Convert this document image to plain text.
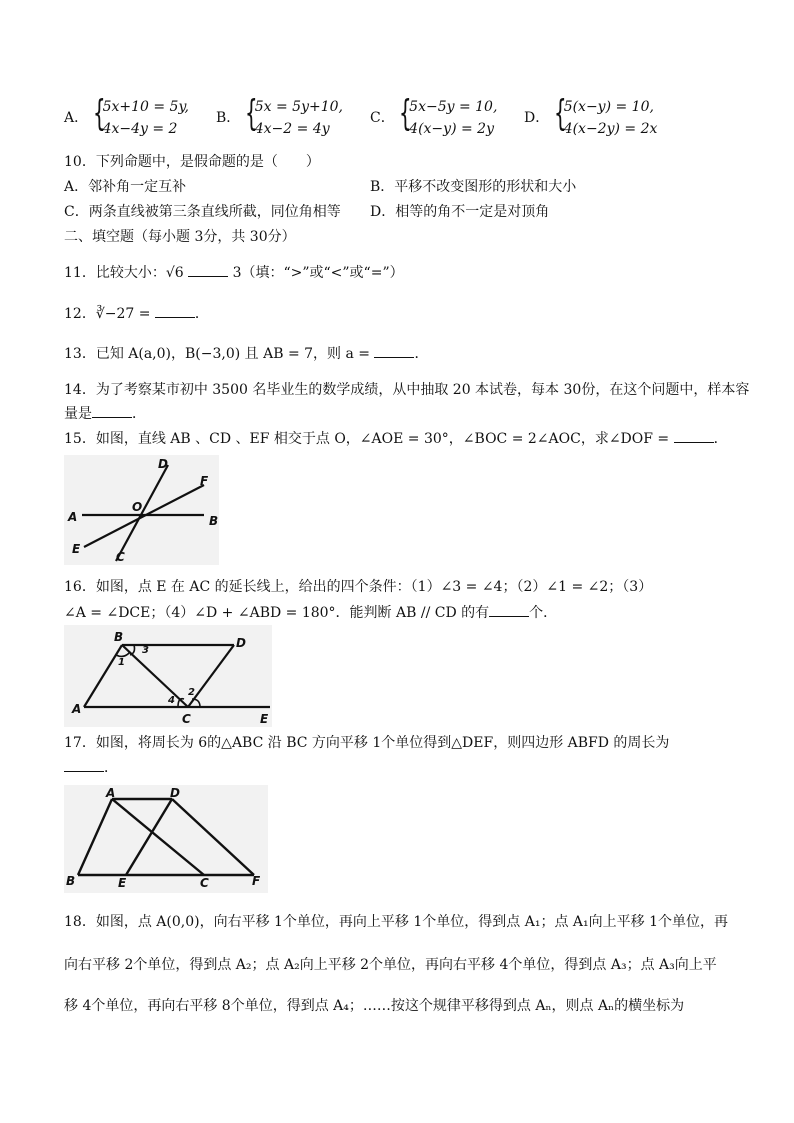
A． {
5x+10 = 5y,
4x−4y = 2
B． {
5x = 5y+10,
4x−2 = 4y
C． {
5x−5y = 10,
4(x−y) = 2y
D． {
5(x−y) = 10,
4(x−2y) = 2x
10．下列命题中，是假命题的是（　　）
A．邻补角一定互补	B．平移不改变图形的形状和大小
C．两条直线被第三条直线所截，同位角相等 D．相等的角不一定是对顶角
二、填空题（每小题 3分，共 30分）
11．比较大小：√6	3（填：“>”或“<”或“=”）
12．∛−27 =	．
13．已知 A(a,0)，B(−3,0) 且 AB = 7，则 a =	．
14．为了考察某市初中 3500 名毕业生的数学成绩，从中抽取 20 本试卷，每本 30份，在这个问题中，样本容
量是	．
15．如图，直线 AB 、CD 、EF 相交于点 O，∠AOE = 30°，∠BOC = 2∠AOC，求∠DOF =	．
A	B
C
D
E
F
O
16．如图，点 E 在 AC 的延长线上，给出的四个条件：（1）∠3 = ∠4；（2）∠1 = ∠2；（3）
∠A = ∠DCE；（4）∠D + ∠ABD = 180°．能判断 AB // CD 的有	个．
A
B
C
D
E
1
3
4
2
17．如图，将周长为 6的△ABC 沿 BC 方向平移 1个单位得到△DEF，则四边形 ABFD 的周长为
．
A
B	C
D
E	F
18．如图，点 A(0,0)，向右平移 1个单位，再向上平移 1个单位，得到点 A₁；点 A₁向上平移 1个单位，再
向右平移 2个单位，得到点 A₂；点 A₂向上平移 2个单位，再向右平移 4个单位，得到点 A₃；点 A₃向上平
移 4个单位，再向右平移 8个单位，得到点 A₄；……按这个规律平移得到点 Aₙ，则点 Aₙ的横坐标为
